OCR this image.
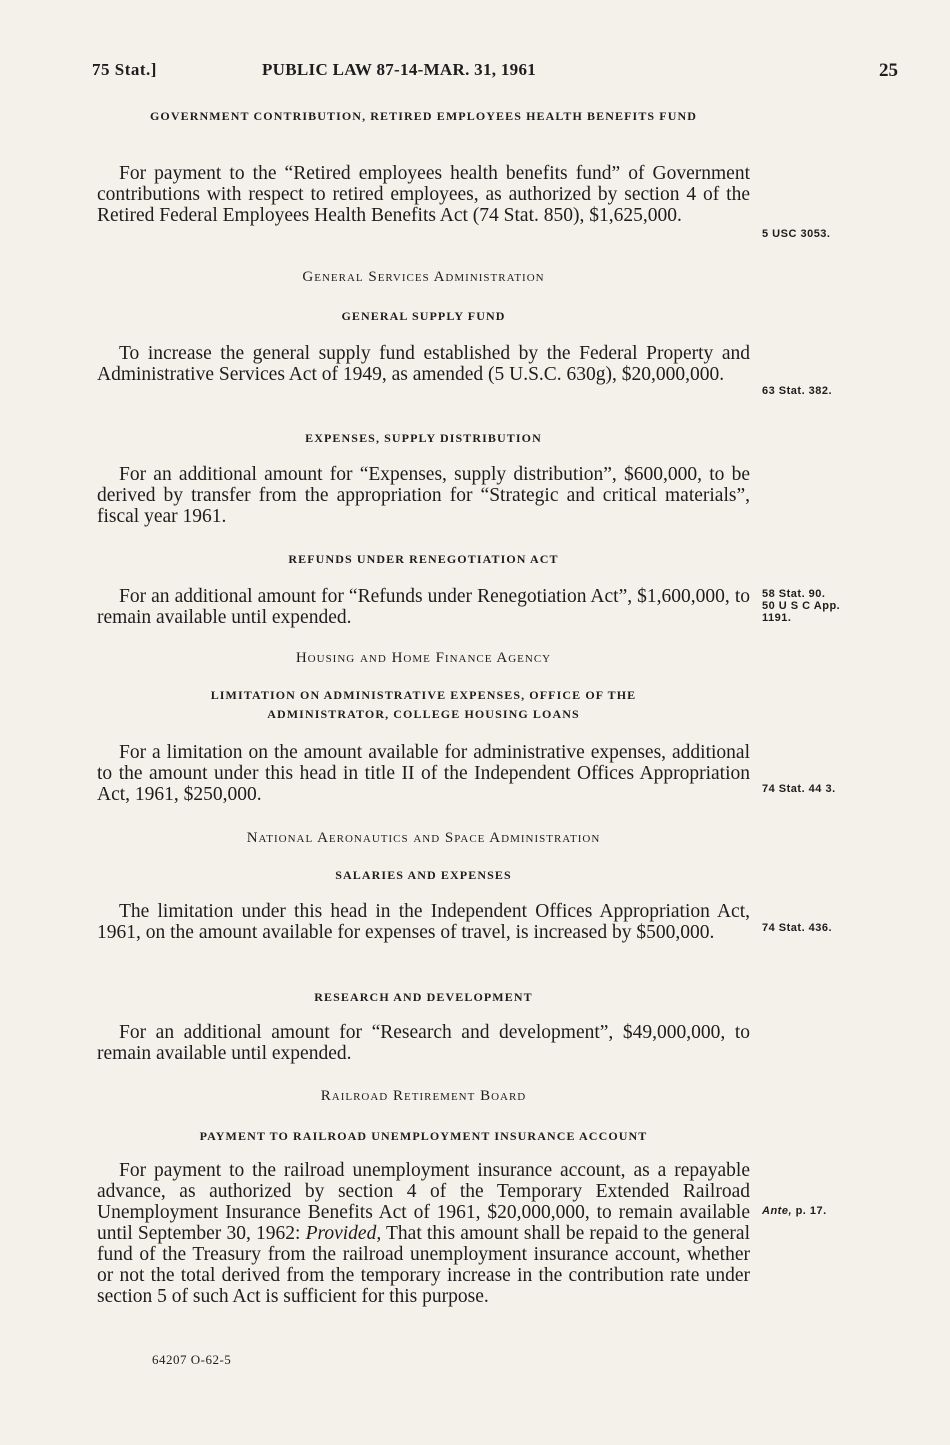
75 Stat.]	PUBLIC LAW 87-14-MAR. 31, 1961	25
GOVERNMENT CONTRIBUTION, RETIRED EMPLOYEES HEALTH BENEFITS FUND
For payment to the “Retired employees health benefits fund” of Government contributions with respect to retired employees, as authorized by section 4 of the Retired Federal Employees Health Benefits Act (74 Stat. 850), $1,625,000.
5 USC 3053.
General Services Administration
GENERAL SUPPLY FUND
To increase the general supply fund established by the Federal Property and Administrative Services Act of 1949, as amended (5 U.S.C. 630g), $20,000,000.
63 Stat. 382.
EXPENSES, SUPPLY DISTRIBUTION
For an additional amount for “Expenses, supply distribution”, $600,000, to be derived by transfer from the appropriation for “Strategic and critical materials”, fiscal year 1961.
REFUNDS UNDER RENEGOTIATION ACT
For an additional amount for “Refunds under Renegotiation Act”, $1,600,000, to remain available until expended.
58 Stat. 90.
50 U S C App.
1191.
Housing and Home Finance Agency
LIMITATION ON ADMINISTRATIVE EXPENSES, OFFICE OF THE ADMINISTRATOR, COLLEGE HOUSING LOANS
For a limitation on the amount available for administrative expenses, additional to the amount under this head in title II of the Independent Offices Appropriation Act, 1961, $250,000.	74 Stat. 44 3.
National Aeronautics and Space Administration
SALARIES AND EXPENSES
The limitation under this head in the Independent Offices Appropriation Act, 1961, on the amount available for expenses of travel, is increased by $500,000.	74 Stat. 436.
RESEARCH AND DEVELOPMENT
For an additional amount for “Research and development”, $49,000,000, to remain available until expended.
Railroad Retirement Board
PAYMENT TO RAILROAD UNEMPLOYMENT INSURANCE ACCOUNT
For payment to the railroad unemployment insurance account, as a repayable advance, as authorized by section 4 of the Temporary Extended Railroad Unemployment Insurance Benefits Act of 1961, $20,000,000, to remain available until September 30, 1962: Provided, That this amount shall be repaid to the general fund of the Treasury from the railroad unemployment insurance account, whether or not the total derived from the temporary increase in the contribution rate under section 5 of such Act is sufficient for this purpose.
Ante, p. 17.
64207 O-62-5
